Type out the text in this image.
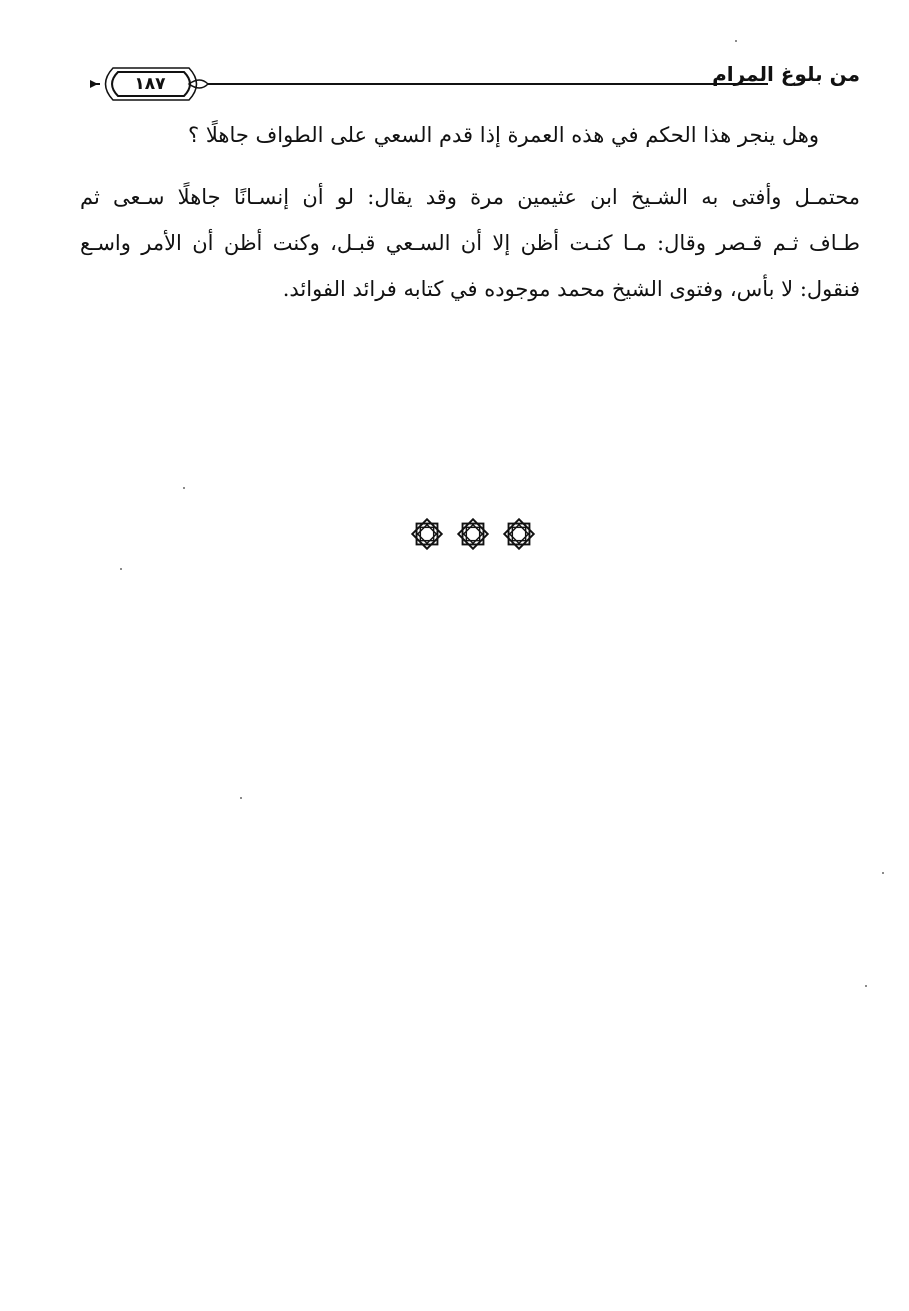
١٨٧	من بلوغ المرام
وهل ينجر هذا الحكم في هذه العمرة إذا قدم السعي على الطواف جاهلًا ؟
محتمـل وأفتى به الشـيخ ابن عثيمين مرة وقد يقال: لو أن إنسـانًا جاهلًا سـعى ثم
طـاف ثـم قـصر وقال: مـا كنـت أظن إلا أن السـعي قبـل، وكنت أظن أن الأمر واسـع
فنقول: لا بأس، وفتوى الشيخ محمد موجوده في كتابه فرائد الفوائد.
